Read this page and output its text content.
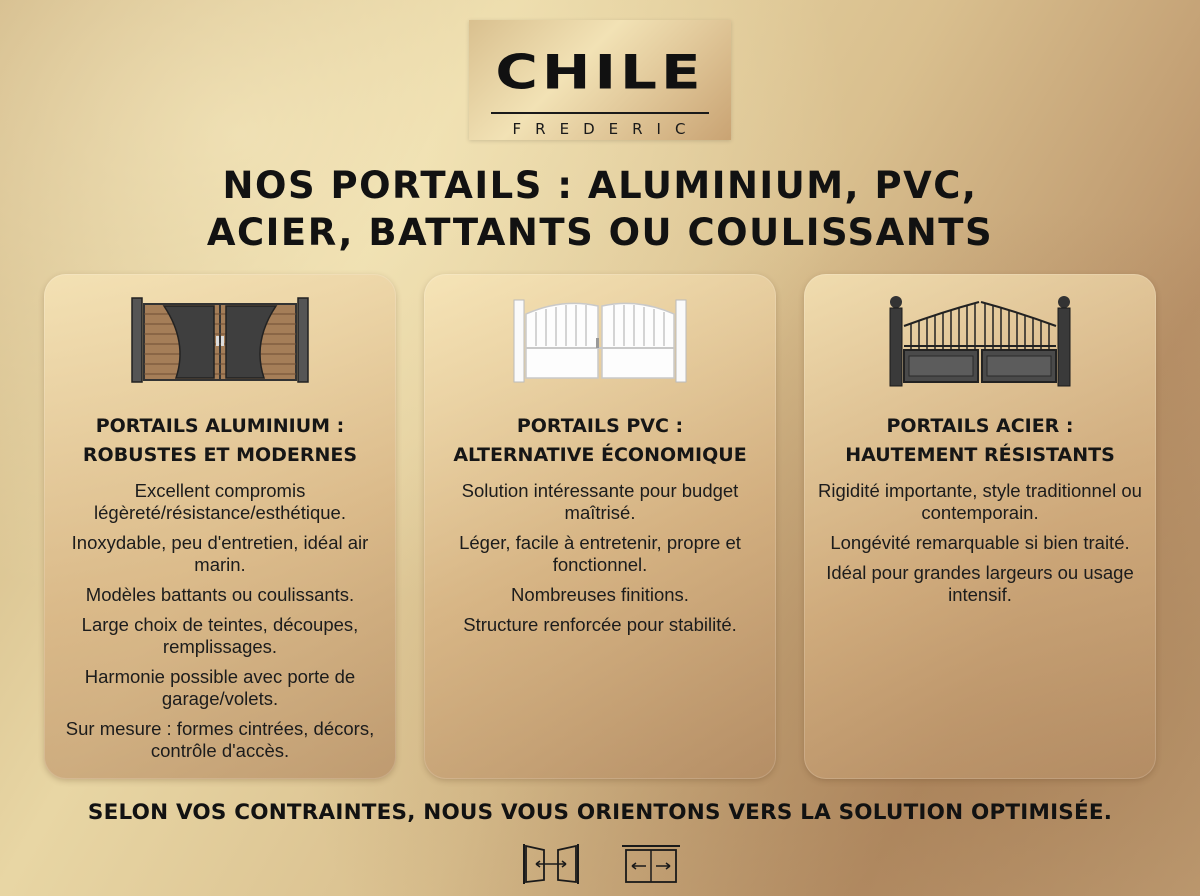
CHILE
FREDERIC
NOS PORTAILS : ALUMINIUM, PVC,
ACIER, BATTANTS OU COULISSANTS
PORTAILS ALUMINIUM :
ROBUSTES ET MODERNES
Excellent compromis légèreté/résistance/esthétique.
Inoxydable, peu d'entretien, idéal air marin.
Modèles battants ou coulissants.
Large choix de teintes, découpes, remplissages.
Harmonie possible avec porte de garage/volets.
Sur mesure : formes cintrées, décors, contrôle d'accès.
PORTAILS PVC :
ALTERNATIVE ÉCONOMIQUE
Solution intéressante pour budget maîtrisé.
Léger, facile à entretenir, propre et fonctionnel.
Nombreuses finitions.
Structure renforcée pour stabilité.
PORTAILS ACIER :
HAUTEMENT RÉSISTANTS
Rigidité importante, style traditionnel ou contemporain.
Longévité remarquable si bien traité.
Idéal pour grandes largeurs ou usage intensif.
SELON VOS CONTRAINTES, NOUS VOUS ORIENTONS VERS LA SOLUTION OPTIMISÉE.
